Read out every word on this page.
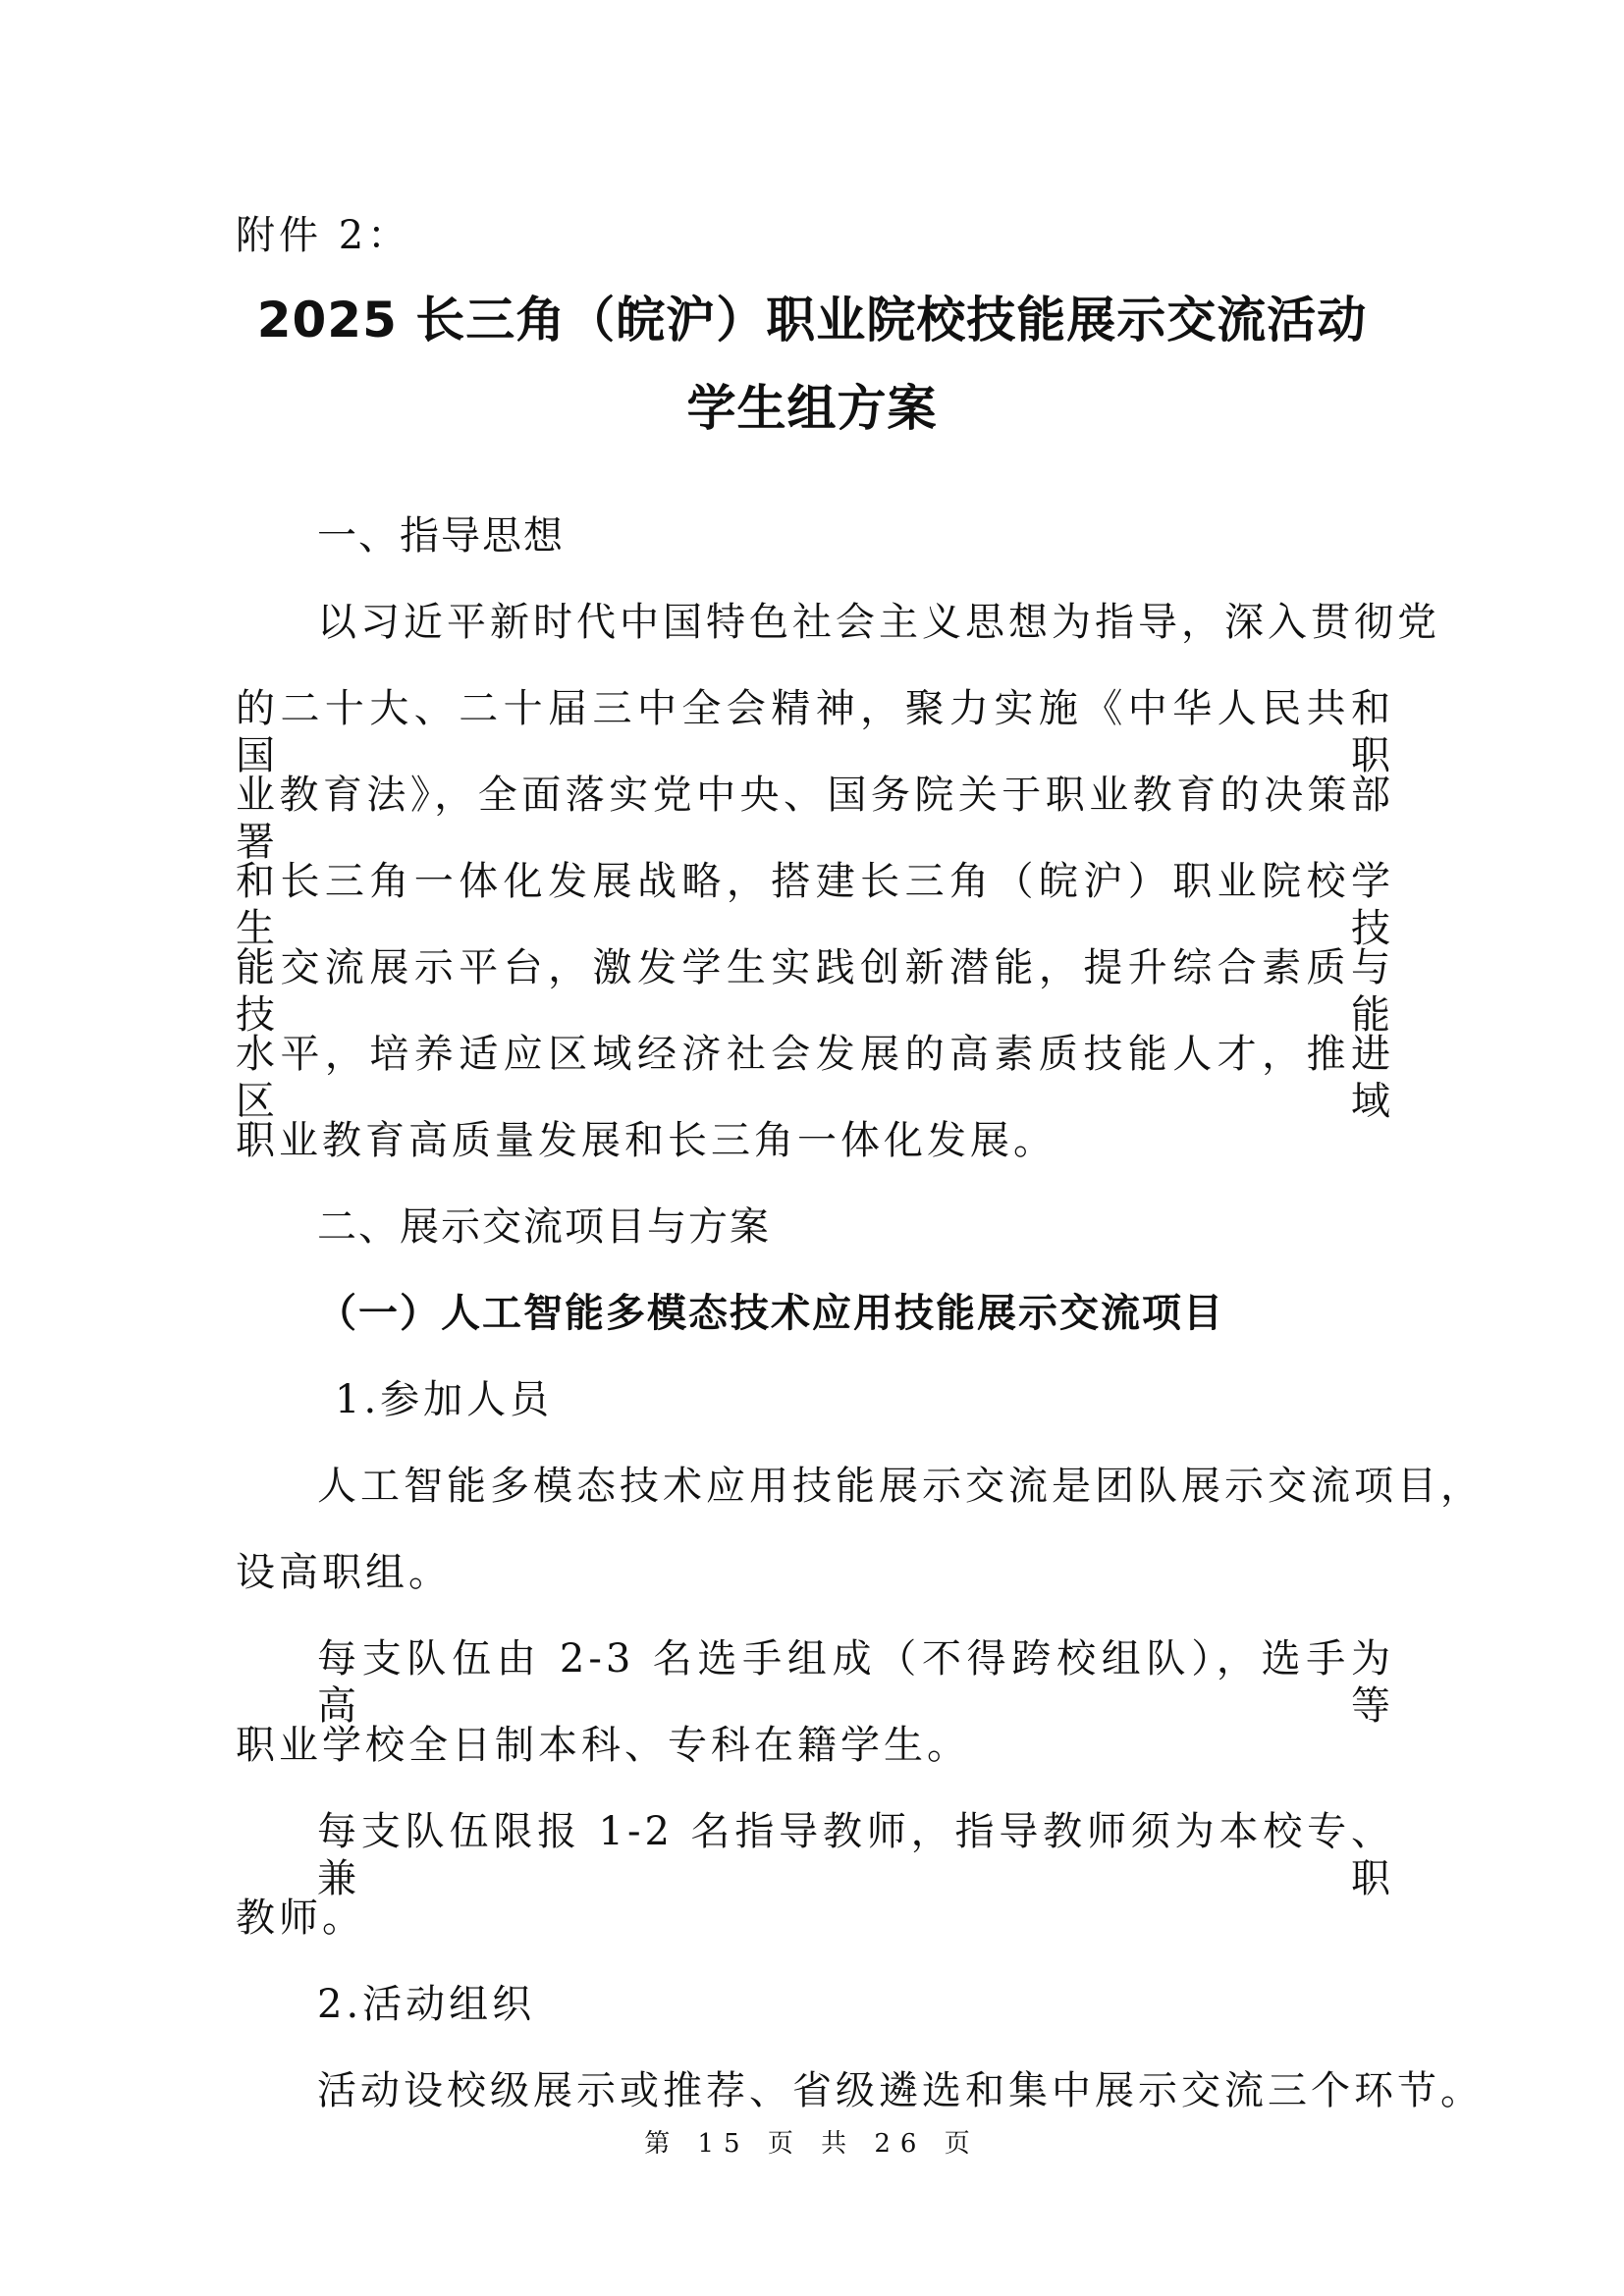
附件 2：
2025 长三角（皖沪）职业院校技能展示交流活动
学生组方案
一、指导思想
以习近平新时代中国特色社会主义思想为指导，深入贯彻党
的二十大、二十届三中全会精神，聚力实施《中华人民共和国职
业教育法》，全面落实党中央、国务院关于职业教育的决策部署
和长三角一体化发展战略，搭建长三角（皖沪）职业院校学生技
能交流展示平台，激发学生实践创新潜能，提升综合素质与技能
水平，培养适应区域经济社会发展的高素质技能人才，推进区域
职业教育高质量发展和长三角一体化发展。
二、展示交流项目与方案
（一）人工智能多模态技术应用技能展示交流项目
1.参加人员
人工智能多模态技术应用技能展示交流是团队展示交流项目，
设高职组。
每支队伍由 2-3 名选手组成（不得跨校组队），选手为高等
职业学校全日制本科、专科在籍学生。
每支队伍限报 1-2 名指导教师，指导教师须为本校专、兼职
教师。
2.活动组织
活动设校级展示或推荐、省级遴选和集中展示交流三个环节。
第 15 页 共 26 页
